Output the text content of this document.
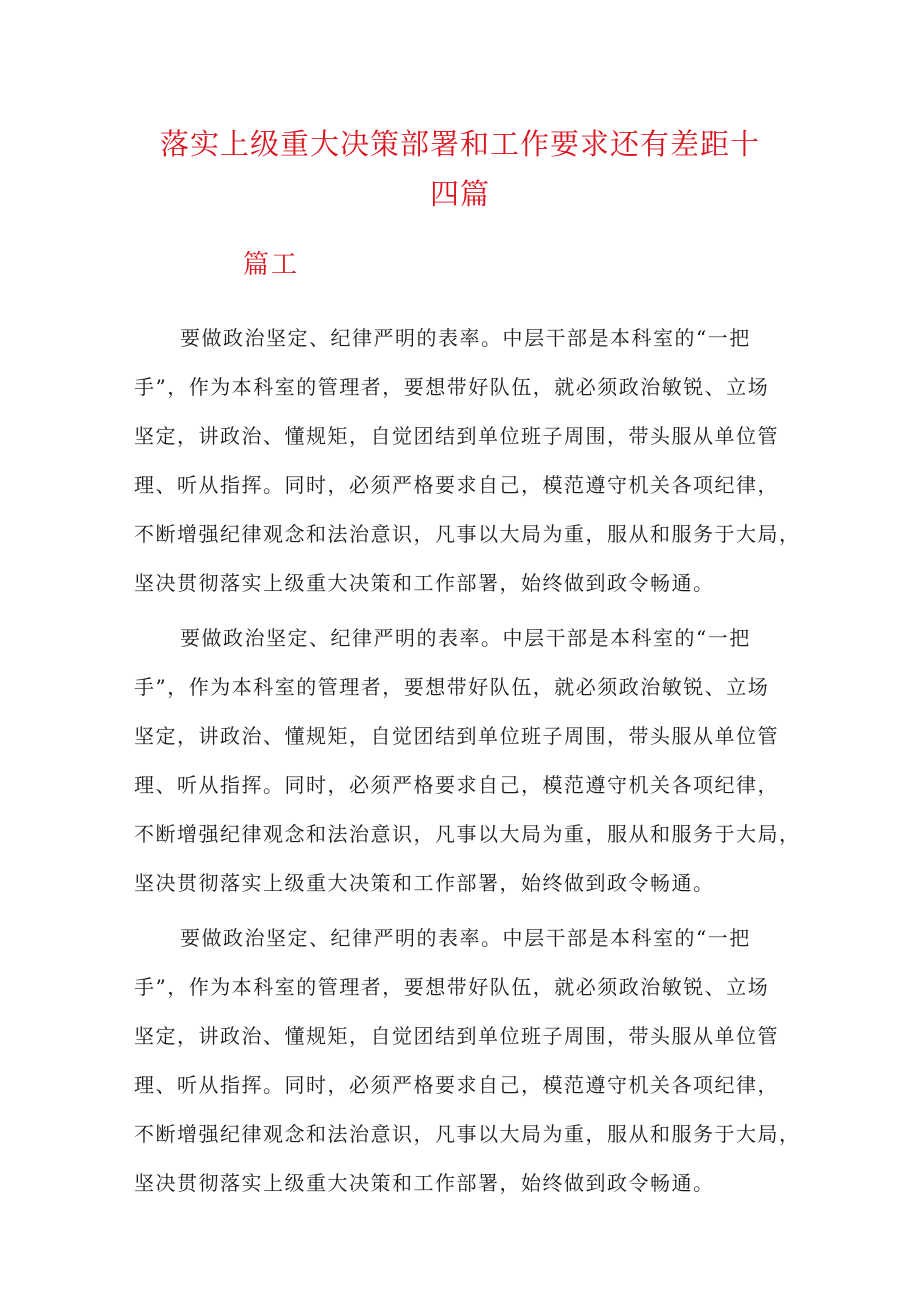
落实上级重大决策部署和工作要求还有差距十
四篇
篇工
要做政治坚定、纪律严明的表率。中层干部是本科室的“一把
手”，作为本科室的管理者，要想带好队伍，就必须政治敏锐、立场
坚定，讲政治、懂规矩，自觉团结到单位班子周围，带头服从单位管
理、听从指挥。同时，必须严格要求自己，模范遵守机关各项纪律，
不断增强纪律观念和法治意识，凡事以大局为重，服从和服务于大局，
坚决贯彻落实上级重大决策和工作部署，始终做到政令畅通。
要做政治坚定、纪律严明的表率。中层干部是本科室的“一把
手”，作为本科室的管理者，要想带好队伍，就必须政治敏锐、立场
坚定，讲政治、懂规矩，自觉团结到单位班子周围，带头服从单位管
理、听从指挥。同时，必须严格要求自己，模范遵守机关各项纪律，
不断增强纪律观念和法治意识，凡事以大局为重，服从和服务于大局，
坚决贯彻落实上级重大决策和工作部署，始终做到政令畅通。
要做政治坚定、纪律严明的表率。中层干部是本科室的“一把
手”，作为本科室的管理者，要想带好队伍，就必须政治敏锐、立场
坚定，讲政治、懂规矩，自觉团结到单位班子周围，带头服从单位管
理、听从指挥。同时，必须严格要求自己，模范遵守机关各项纪律，
不断增强纪律观念和法治意识，凡事以大局为重，服从和服务于大局，
坚决贯彻落实上级重大决策和工作部署，始终做到政令畅通。
